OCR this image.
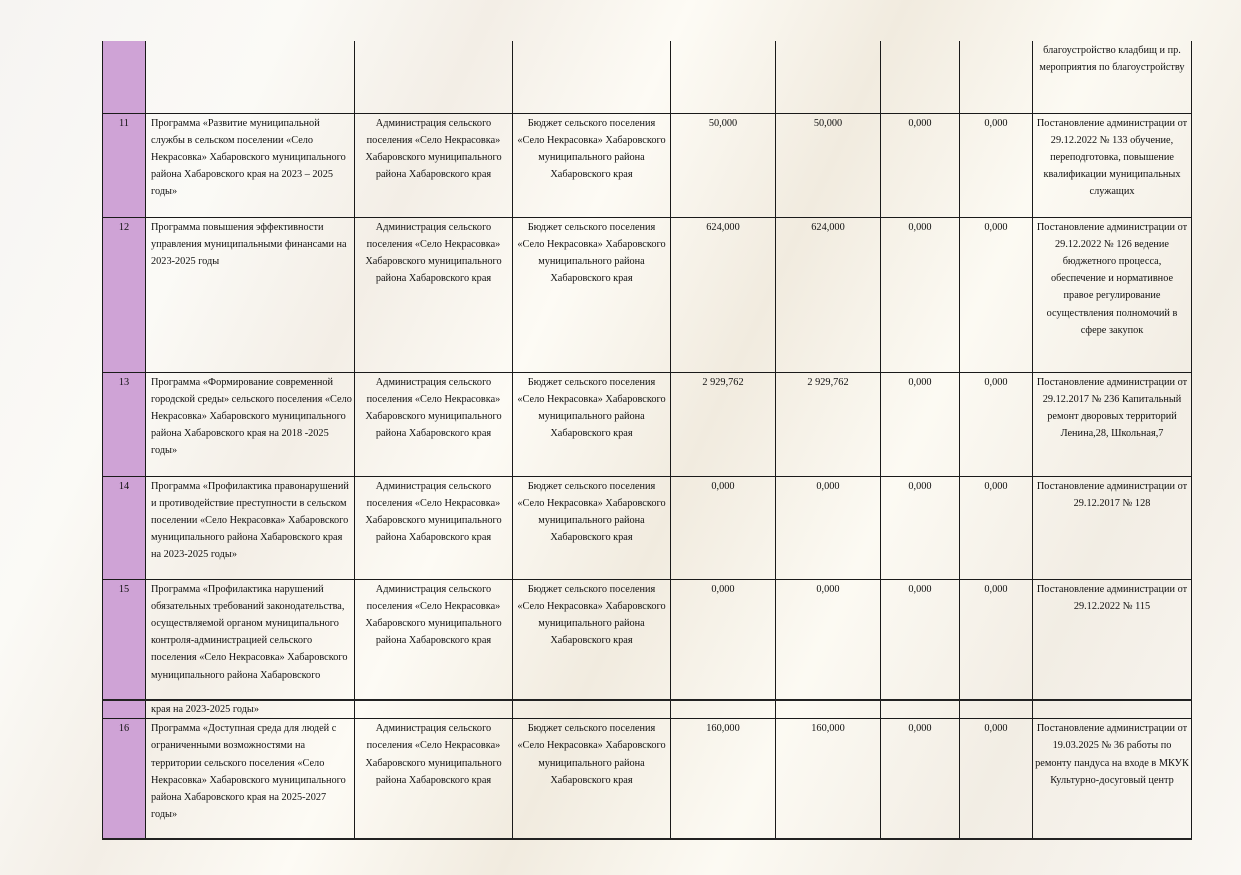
								благоустройство кладбищ и пр. мероприятия по благоустройству
11	Программа «Развитие муниципальной службы в сельском поселении «Село Некрасовка» Хабаровского муниципального района Хабаровского края на 2023 – 2025 годы»	Администрация сельского поселения «Село Некрасовка» Хабаровского муниципального района Хабаровского края	Бюджет сельского поселения «Село Некрасовка» Хабаровского муниципального района Хабаровского края	50,000	50,000	0,000	0,000	Постановление администрации от 29.12.2022 № 133 обучение, переподготовка, повышение квалификации муниципальных служащих
12	Программа повышения эффективности управления муниципальными финансами на 2023-2025 годы	Администрация сельского поселения «Село Некрасовка» Хабаровского муниципального района Хабаровского края	Бюджет сельского поселения «Село Некрасовка» Хабаровского муниципального района Хабаровского края	624,000	624,000	0,000	0,000	Постановление администрации от 29.12.2022 № 126 ведение бюджетного процесса, обеспечение и нормативное правое регулирование осуществления полномочий в сфере закупок
13	Программа «Формирование современной городской среды» сельского поселения «Село Некрасовка» Хабаровского муниципального района Хабаровского края на 2018 -2025 годы»	Администрация сельского поселения «Село Некрасовка» Хабаровского муниципального района Хабаровского края	Бюджет сельского поселения «Село Некрасовка» Хабаровского муниципального района Хабаровского края	2 929,762	2 929,762	0,000	0,000	Постановление администрации от 29.12.2017 № 236 Капитальный ремонт дворовых территорий Ленина,28, Школьная,7
14	Программа «Профилактика правонарушений и противодействие преступности в сельском поселении «Село Некрасовка» Хабаровского муниципального района Хабаровского края на 2023-2025 годы»	Администрация сельского поселения «Село Некрасовка» Хабаровского муниципального района Хабаровского края	Бюджет сельского поселения «Село Некрасовка» Хабаровского муниципального района Хабаровского края	0,000	0,000	0,000	0,000	Постановление администрации от 29.12.2017 № 128
15	Программа «Профилактика нарушений обязательных требований законодательства, осуществляемой органом муниципального контроля-администрацией сельского поселения «Село Некрасовка» Хабаровского муниципального района Хабаровского	Администрация сельского поселения «Село Некрасовка» Хабаровского муниципального района Хабаровского края	Бюджет сельского поселения «Село Некрасовка» Хабаровского муниципального района Хабаровского края	0,000	0,000	0,000	0,000	Постановление администрации от 29.12.2022 № 115
	края на 2023-2025 годы»							
16	Программа «Доступная среда для людей с ограниченными возможностями на территории сельского поселения «Село Некрасовка» Хабаровского муниципального района Хабаровского края на 2025-2027 годы»	Администрация сельского поселения «Село Некрасовка» Хабаровского муниципального района Хабаровского края	Бюджет сельского поселения «Село Некрасовка» Хабаровского муниципального района Хабаровского края	160,000	160,000	0,000	0,000	Постановление администрации от 19.03.2025 № 36 работы по ремонту пандуса на входе в МКУК Культурно-досуговый центр
